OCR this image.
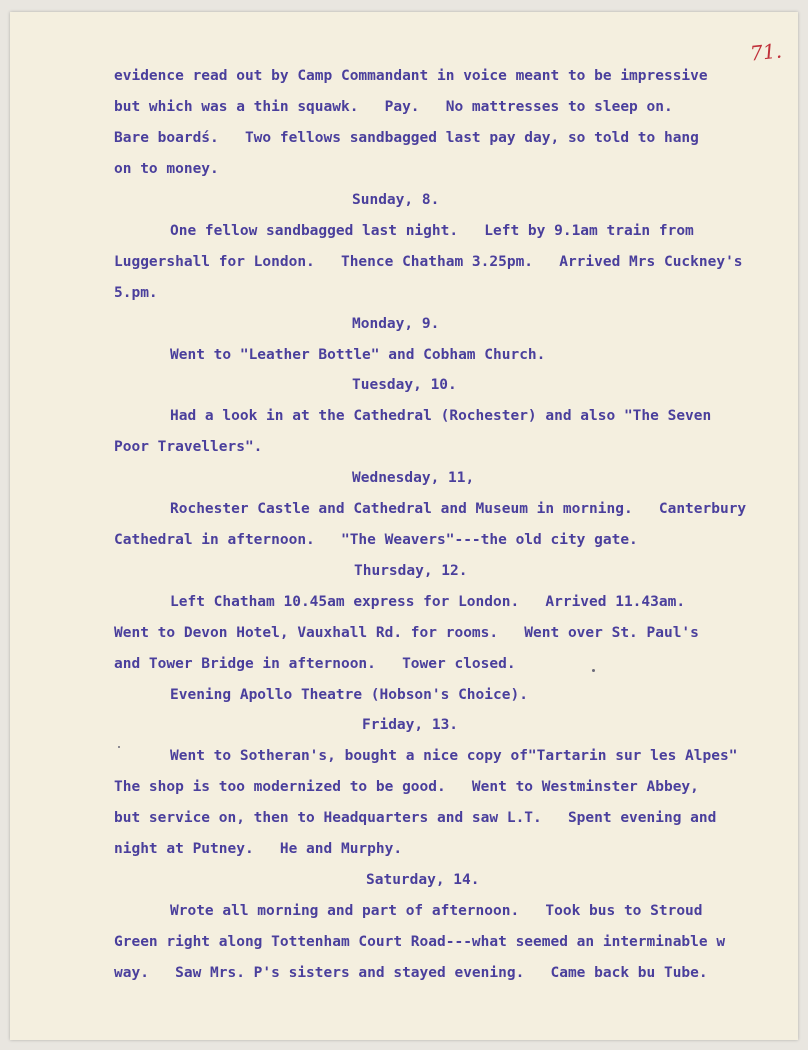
71.
evidence read out by Camp Commandant in voice meant to be impressive
but which was a thin squawk.   Pay.   No mattresses to sleep on.
Bare boardś.   Two fellows sandbagged last pay day, so told to hang
on to money.
Sunday, 8.
One fellow sandbagged last night.   Left by 9.1am train from
Luggershall for London.   Thence Chatham 3.25pm.   Arrived Mrs Cuckney's
5.pm.
Monday, 9.
Went to "Leather Bottle" and Cobham Church.
Tuesday, 10.
Had a look in at the Cathedral (Rochester) and also "The Seven
Poor Travellers".
Wednesday, 11,
Rochester Castle and Cathedral and Museum in morning.   Canterbury
Cathedral in afternoon.   "The Weavers"---the old city gate.
Thursday, 12.
Left Chatham 10.45am express for London.   Arrived 11.43am.
Went to Devon Hotel, Vauxhall Rd. for rooms.   Went over St. Paul's
and Tower Bridge in afternoon.   Tower closed.
Evening Apollo Theatre (Hobson's Choice).
Friday, 13.
Went to Sotheran's, bought a nice copy of"Tartarin sur les Alpes"
The shop is too modernized to be good.   Went to Westminster Abbey,
but service on, then to Headquarters and saw L.T.   Spent evening and
night at Putney.   He and Murphy.
Saturday, 14.
Wrote all morning and part of afternoon.   Took bus to Stroud
Green right along Tottenham Court Road---what seemed an interminable w
way.   Saw Mrs. P's sisters and stayed evening.   Came back bu Tube.
